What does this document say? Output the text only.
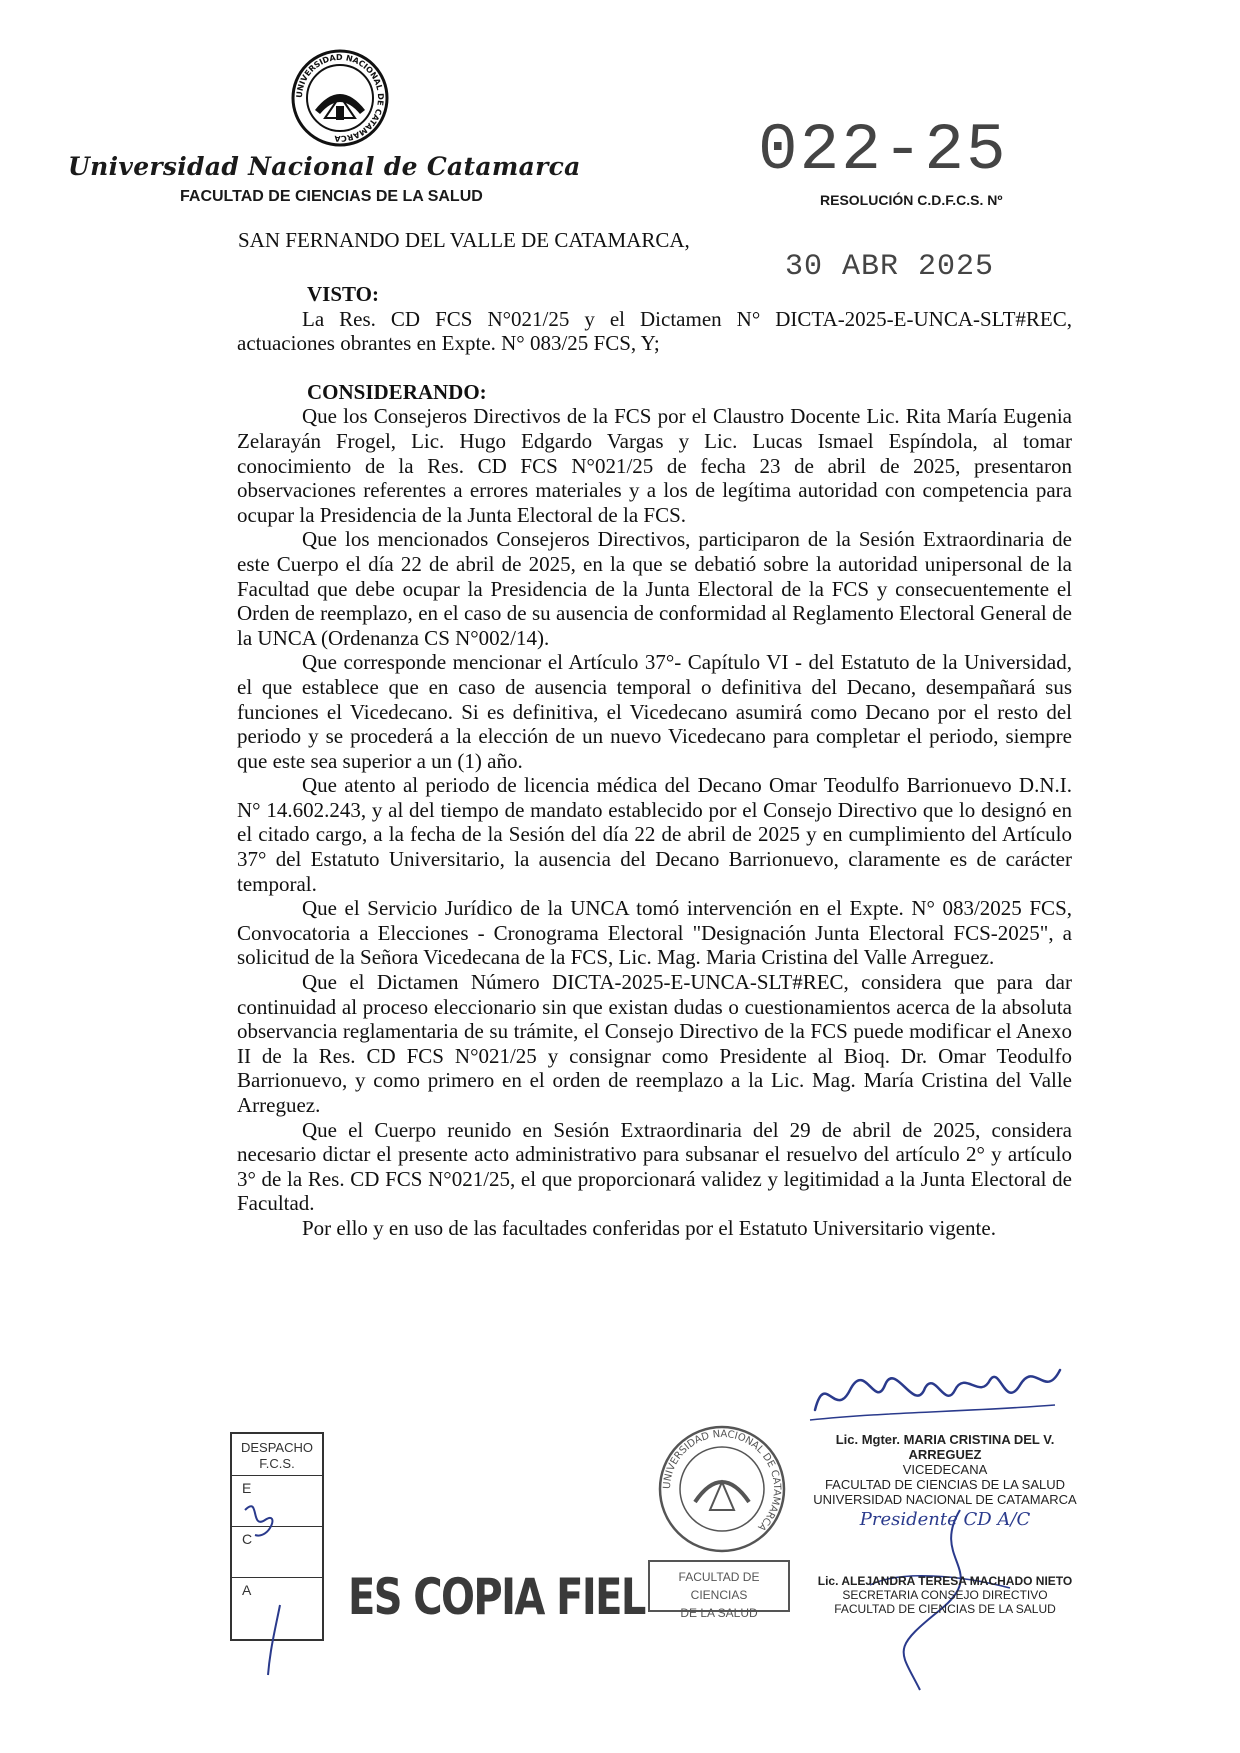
UNIVERSIDAD NACIONAL DE CATAMARCA
Universidad Nacional de Catamarca
FACULTAD DE CIENCIAS DE LA SALUD
022-25
RESOLUCIÓN C.D.F.C.S. Nº
SAN FERNANDO DEL VALLE DE CATAMARCA,
30 ABR 2025
VISTO:

La Res. CD FCS N°021/25 y el Dictamen N° DICTA-2025-E-UNCA-SLT#REC, actuaciones obrantes en Expte. N° 083/25 FCS, Y;

CONSIDERANDO:

Que los Consejeros Directivos de la FCS por el Claustro Docente Lic. Rita María Eugenia Zelarayán Frogel, Lic. Hugo Edgardo Vargas y Lic. Lucas Ismael Espíndola, al tomar conocimiento de la Res. CD FCS N°021/25 de fecha 23 de abril de 2025, presentaron observaciones referentes a errores materiales y a los de legítima autoridad con competencia para ocupar la Presidencia de la Junta Electoral de la FCS.

Que los mencionados Consejeros Directivos, participaron de la Sesión Extraordinaria de este Cuerpo el día 22 de abril de 2025, en la que se debatió sobre la autoridad unipersonal de la Facultad que debe ocupar la Presidencia de la Junta Electoral de la FCS y consecuentemente el Orden de reemplazo, en el caso de su ausencia de conformidad al Reglamento Electoral General de la UNCA (Ordenanza CS N°002/14).

Que corresponde mencionar el Artículo 37°- Capítulo VI - del Estatuto de la Universidad, el que establece que en caso de ausencia temporal o definitiva del Decano, desempañará sus funciones el Vicedecano. Si es definitiva, el Vicedecano asumirá como Decano por el resto del periodo y se procederá a la elección de un nuevo Vicedecano para completar el periodo, siempre que este sea superior a un (1) año.

Que atento al periodo de licencia médica del Decano Omar Teodulfo Barrionuevo D.N.I. N° 14.602.243, y al del tiempo de mandato establecido por el Consejo Directivo que lo designó en el citado cargo, a la fecha de la Sesión del día 22 de abril de 2025 y en cumplimiento del Artículo 37° del Estatuto Universitario, la ausencia del Decano Barrionuevo, claramente es de carácter temporal.

Que el Servicio Jurídico de la UNCA tomó intervención en el Expte. N° 083/2025 FCS, Convocatoria a Elecciones - Cronograma Electoral "Designación Junta Electoral FCS-2025", a solicitud de la Señora Vicedecana de la FCS, Lic. Mag. Maria Cristina del Valle Arreguez.

Que el Dictamen Número DICTA-2025-E-UNCA-SLT#REC, considera que para dar continuidad al proceso eleccionario sin que existan dudas o cuestionamientos acerca de la absoluta observancia reglamentaria de su trámite, el Consejo Directivo de la FCS puede modificar el Anexo II de la Res. CD FCS N°021/25 y consignar como Presidente al Bioq. Dr. Omar Teodulfo Barrionuevo, y como primero en el orden de reemplazo a la Lic. Mag. María Cristina del Valle Arreguez.

Que el Cuerpo reunido en Sesión Extraordinaria del 29 de abril de 2025, considera necesario dictar el presente acto administrativo para subsanar el resuelvo del artículo 2° y artículo 3° de la Res. CD FCS N°021/25, el que proporcionará validez y legitimidad a la Junta Electoral de Facultad.

Por ello y en uso de las facultades conferidas por el Estatuto Universitario vigente.

Lic. Mgter. MARIA CRISTINA DEL V. ARREGUEZ
VICEDECANA
FACULTAD DE CIENCIAS DE LA SALUD
UNIVERSIDAD NACIONAL DE CATAMARCA
Presidente CD A/C
Lic. ALEJANDRA TERESA MACHADO NIETO
SECRETARIA CONSEJO DIRECTIVO
FACULTAD DE CIENCIAS DE LA SALUD
DESPACHO
F.C.S.
E
C
A	ES COPIA FIEL
UNIVERSIDAD NACIONAL DE CATAMARCA
FACULTAD DE CIENCIAS
DE LA SALUD
